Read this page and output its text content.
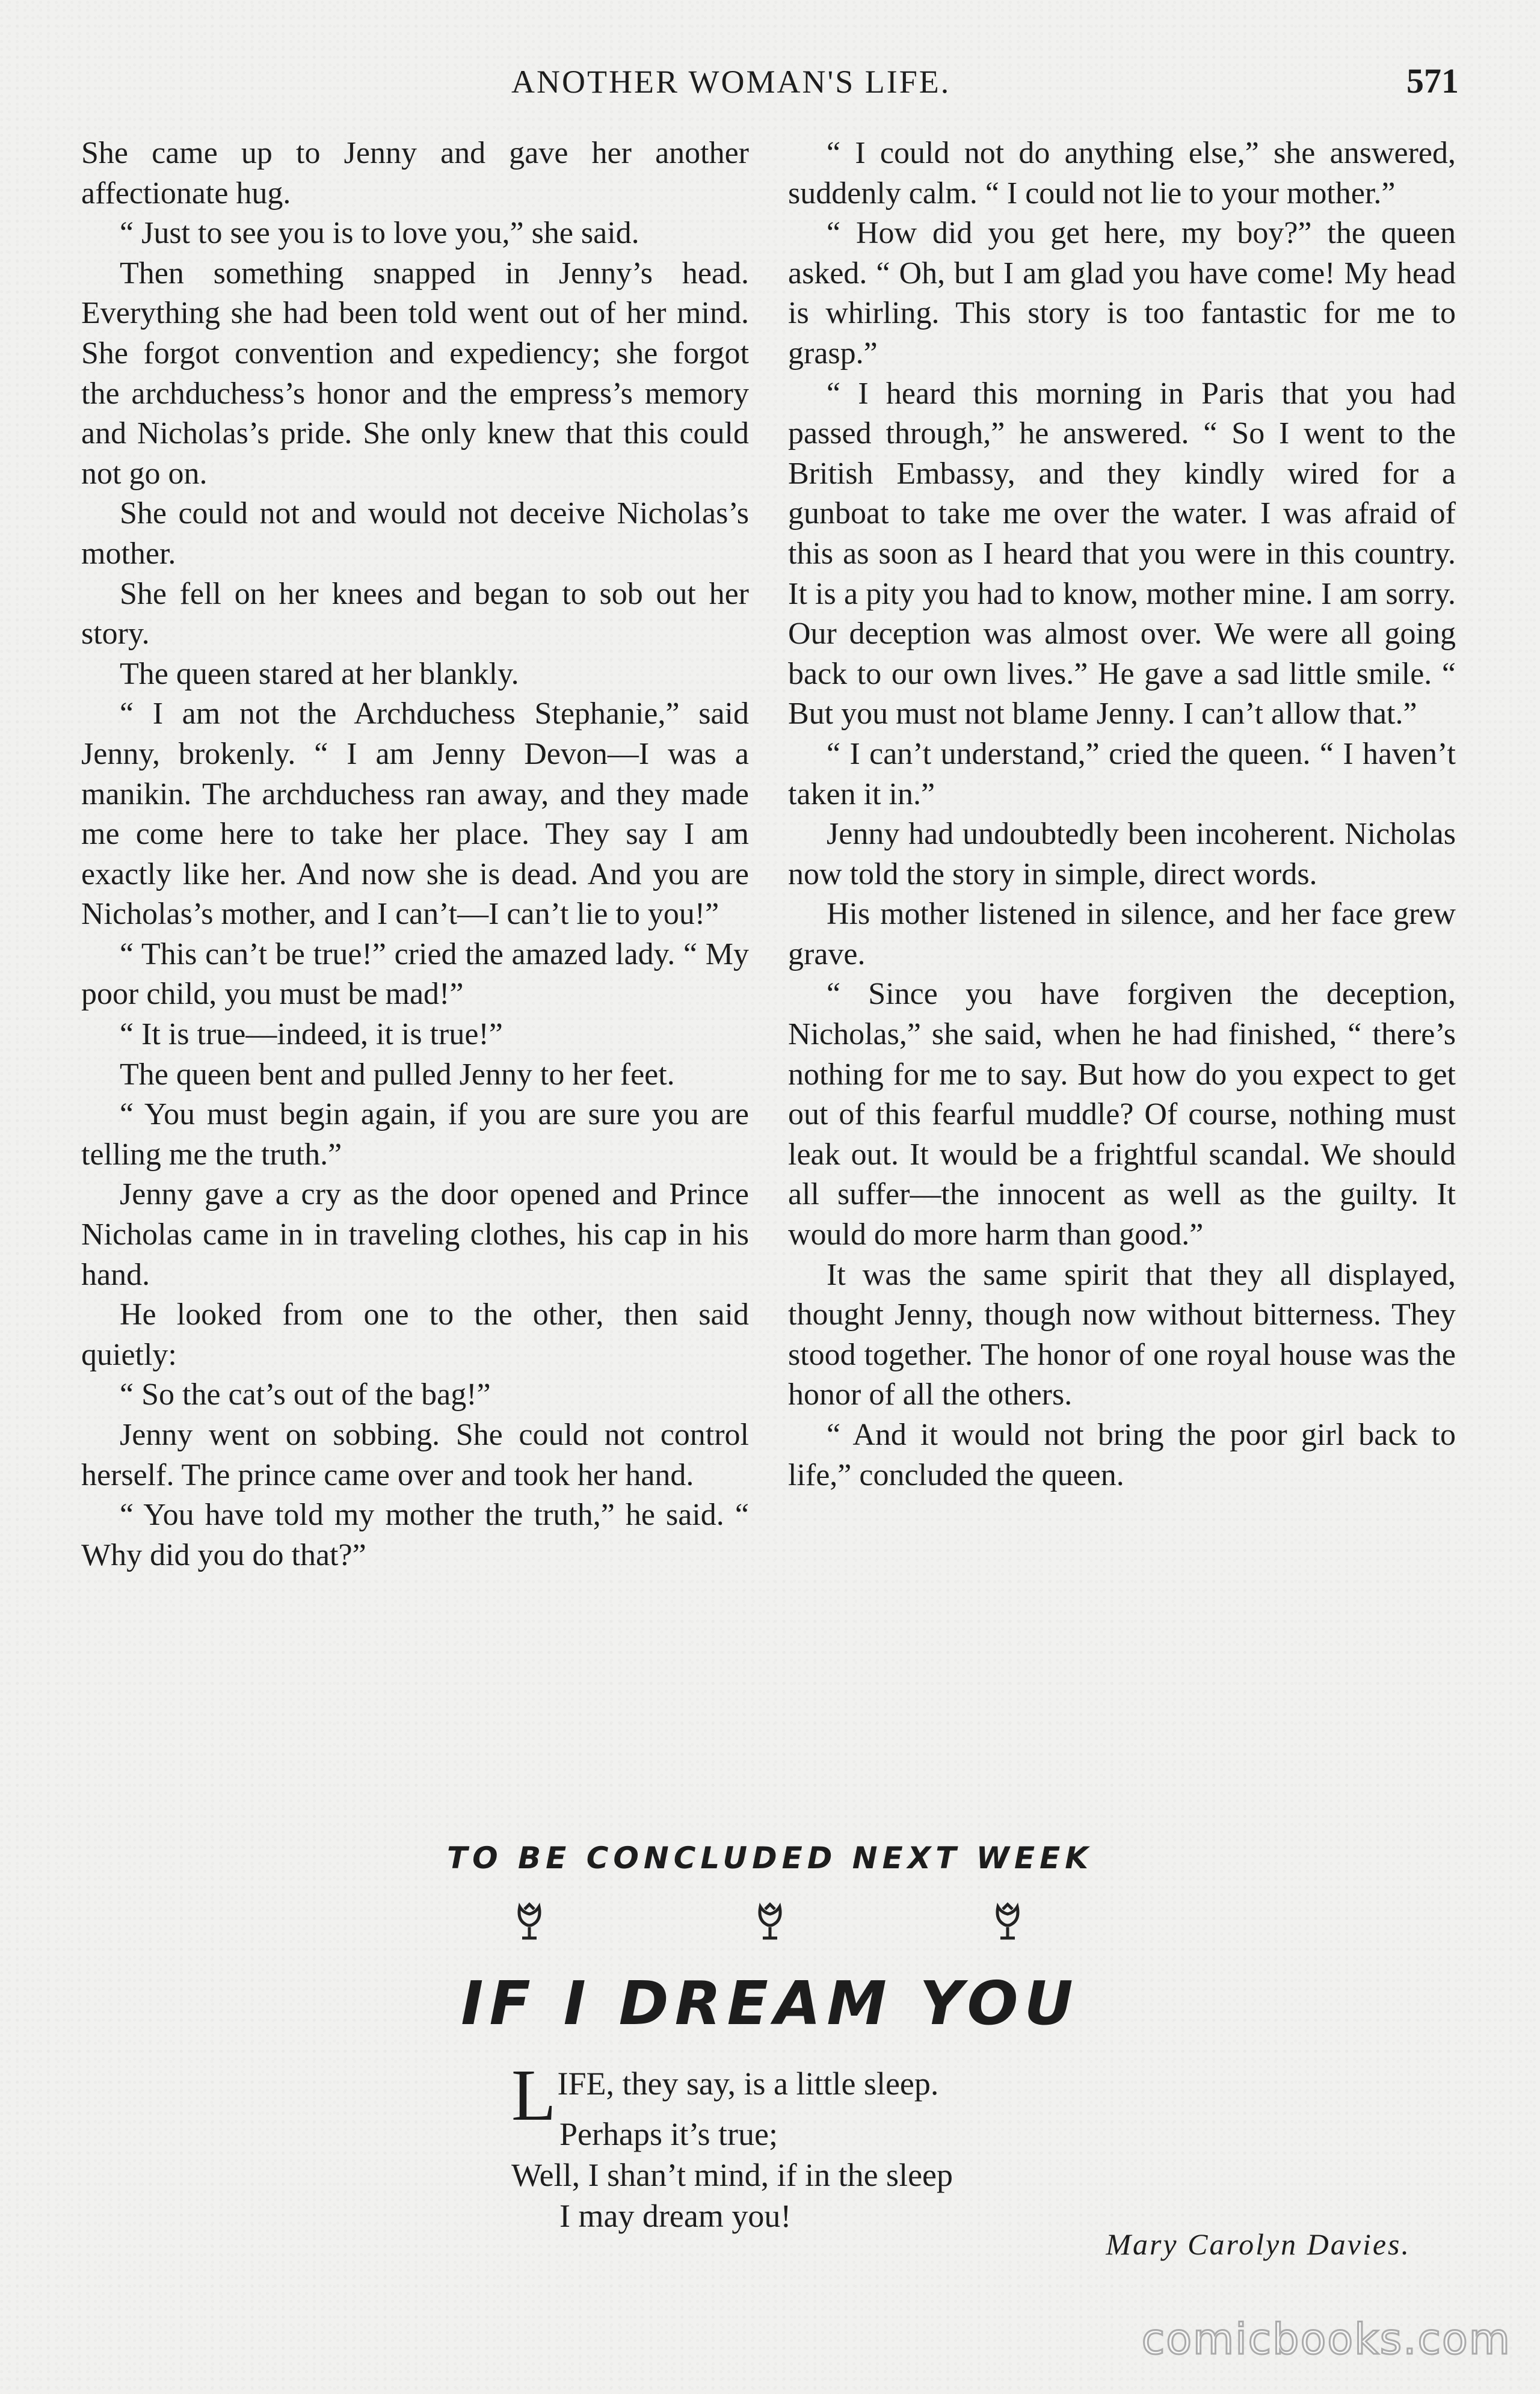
ANOTHER WOMAN'S LIFE.	571

She came up to Jenny and gave her another affectionate hug.

“ Just to see you is to love you,” she said.

Then something snapped in Jenny’s head. Everything she had been told went out of her mind. She forgot convention and expediency; she forgot the archduchess’s honor and the empress’s memory and Nicholas’s pride. She only knew that this could not go on.

She could not and would not deceive Nicholas’s mother.

She fell on her knees and began to sob out her story.

The queen stared at her blankly.

“ I am not the Archduchess Stephanie,” said Jenny, brokenly. “ I am Jenny Devon—I was a manikin. The archduchess ran away, and they made me come here to take her place. They say I am exactly like her. And now she is dead. And you are Nicholas’s mother, and I can’t—I can’t lie to you!”

“ This can’t be true!” cried the amazed lady. “ My poor child, you must be mad!”

“ It is true—indeed, it is true!”

The queen bent and pulled Jenny to her feet.

“ You must begin again, if you are sure you are telling me the truth.”

Jenny gave a cry as the door opened and Prince Nicholas came in in traveling clothes, his cap in his hand.

He looked from one to the other, then said quietly:

“ So the cat’s out of the bag!”

Jenny went on sobbing. She could not control herself. The prince came over and took her hand.

“ You have told my mother the truth,” he said. “ Why did you do that?”

“ I could not do anything else,” she answered, suddenly calm. “ I could not lie to your mother.”

“ How did you get here, my boy?” the queen asked. “ Oh, but I am glad you have come! My head is whirling. This story is too fantastic for me to grasp.”

“ I heard this morning in Paris that you had passed through,” he answered. “ So I went to the British Embassy, and they kindly wired for a gunboat to take me over the water. I was afraid of this as soon as I heard that you were in this country. It is a pity you had to know, mother mine. I am sorry. Our deception was almost over. We were all going back to our own lives.” He gave a sad little smile. “ But you must not blame Jenny. I can’t allow that.”

“ I can’t understand,” cried the queen. “ I haven’t taken it in.”

Jenny had undoubtedly been incoherent. Nicholas now told the story in simple, direct words.

His mother listened in silence, and her face grew grave.

“ Since you have forgiven the deception, Nicholas,” she said, when he had finished, “ there’s nothing for me to say. But how do you expect to get out of this fearful muddle? Of course, nothing must leak out. It would be a frightful scandal. We should all suffer—the innocent as well as the guilty. It would do more harm than good.”

It was the same spirit that they all displayed, thought Jenny, though now without bitterness. They stood together. The honor of one royal house was the honor of all the others.

“ And it would not bring the poor girl back to life,” concluded the queen.

TO BE CONCLUDED NEXT WEEK
IF I DREAM YOU
LIFE, they say, is a little sleep.
Perhaps it’s true;
Well, I shan’t mind, if in the sleep
I may dream you!
Mary Carolyn Davies.
comicbooks.com
